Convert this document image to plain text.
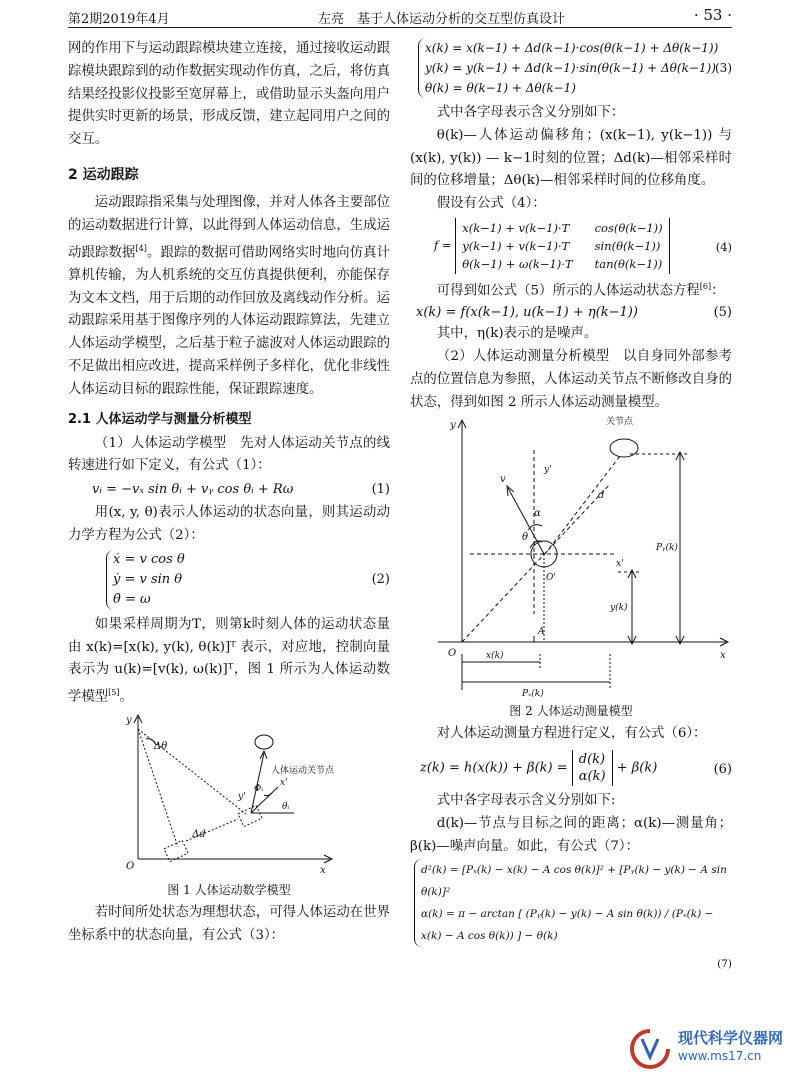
第2期2019年4月	左亮　基于人体运动分析的交互型仿真设计	· 53 ·

网的作用下与运动跟踪模块建立连接，通过接收运动跟踪模块跟踪到的动作数据实现动作仿真，之后，将仿真结果经投影仪投影至宽屏幕上，或借助显示头盔向用户提供实时更新的场景，形成反馈，建立起同用户之间的交互。

2 运动跟踪

运动跟踪指采集与处理图像，并对人体各主要部位的运动数据进行计算，以此得到人体运动信息，生成运动跟踪数据[4]。跟踪的数据可借助网络实时地向仿真计算机传输，为人机系统的交互仿真提供便利，亦能保存为文本文档，用于后期的动作回放及离线动作分析。运动跟踪采用基于图像序列的人体运动跟踪算法，先建立人体运动学模型，之后基于粒子滤波对人体运动跟踪的不足做出相应改进，提高采样例子多样化，优化非线性人体运动目标的跟踪性能，保证跟踪速度。

2.1 人体运动学与测量分析模型

（1）人体运动学模型　先对人体运动关节点的线转速进行如下定义，有公式（1）：

vᵢ = −vₓ sin θᵢ + vᵧ cos θᵢ + Rω	(1)

用(x, y, θ)表示人体运动的状态向量，则其运动动力学方程为公式（2）：

ẋ = v cos θ
ẏ = v sin θ
θ̇ = ω
(2)

如果采样周期为T，则第k时刻人体的运动状态量由 x(k)=[x(k), y(k), θ(k)]ᵀ 表示，对应地，控制向量表示为 u(k)=[v(k), ω(k)]ᵀ，图 1 所示为人体运动数学模型[5]。

y
x
O
Δθ
人体运动关节点
Δd
Φᵢ
y'
x'
θᵢ
图 1 人体运动数学模型

若时间所处状态为理想状态，可得人体运动在世界坐标系中的状态向量，有公式（3）：

x(k) = x(k−1) + Δd(k−1)·cos(θ(k−1) + Δθ(k−1))
y(k) = y(k−1) + Δd(k−1)·sin(θ(k−1) + Δθ(k−1))
θ(k) = θ(k−1) + Δθ(k−1)
(3)

式中各字母表示含义分别如下：

θ(k)—人体运动偏移角；(x(k−1), y(k−1)) 与 (x(k), y(k)) — k−1时刻的位置；Δd(k)—相邻采样时间的位移增量；Δθ(k)—相邻采样时间的位移角度。

假设有公式（4）：

f =
x(k−1) + v(k−1)·T	cos(θ(k−1))
y(k−1) + v(k−1)·T	sin(θ(k−1))
θ(k−1) + ω(k−1)·T	tan(θ(k−1))
(4)

可得到如公式（5）所示的人体运动状态方程[6]：

x(k) = f(x(k−1), u(k−1) + η(k−1))	(5)

其中，η(k)表示的是噪声。

（2）人体运动测量分析模型　以自身同外部参考点的位置信息为参照，人体运动关节点不断修改自身的状态，得到如图 2 所示人体运动测量模型。

关节点
y
y'
v
α
d
θ
O'
x'
Pᵧ(k)
y(k)
A
O	x(k)
Pₓ(k)
x
图 2 人体运动测量模型

对人体运动测量方程进行定义，有公式（6）：

z(k) = h(x(k)) + β(k) =
d(k)
α(k)
+ β(k)	(6)

式中各字母表示含义分别如下:

d(k)—节点与目标之间的距离；α(k)—测量角；β(k)—噪声向量。如此，有公式（7）：

d²(k) = [Pₓ(k) − x(k) − A cos θ(k)]² + [Pᵧ(k) − y(k) − A sin θ(k)]²
α(k) = π − arctan [ (Pᵧ(k) − y(k) − A sin θ(k)) / (Pₓ(k) − x(k) − A cos θ(k)) ] − θ(k)
(7)
现代科学仪器网
www.ms17.cn
